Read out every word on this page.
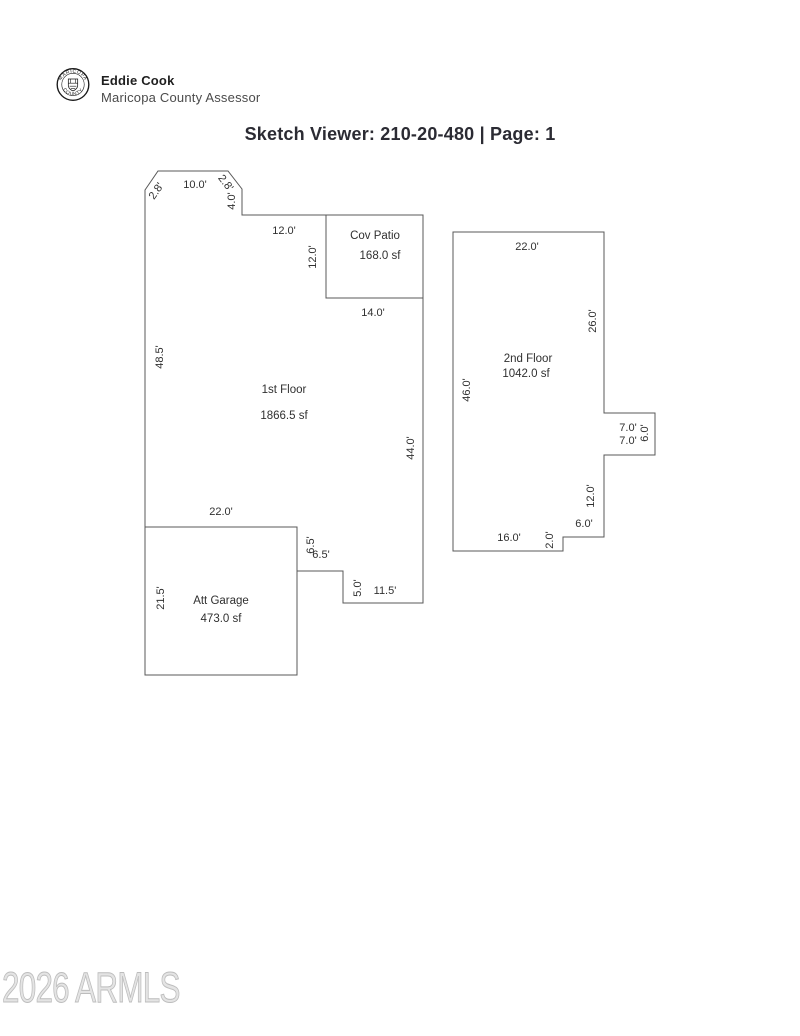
MARICOPA
COUNTY
Eddie Cook
Maricopa County Assessor
Sketch Viewer: 210-20-480 | Page: 1
2.8' 10.0' 2.8'
4.0'
12.0'
12.0'
14.0'
48.5'
44.0'
22.0'
6.5'
6.5'
5.0' 11.5'
21.5'
Cov Patio
168.0 sf
1st Floor
1866.5 sf
Att Garage
473.0 sf
2nd Floor
1042.0 sf
22.0'
26.0'
46.0'
7.0'
7.0' 6.0'
12.0'
6.0'
2.0'
16.0'
2026 ARMLS
